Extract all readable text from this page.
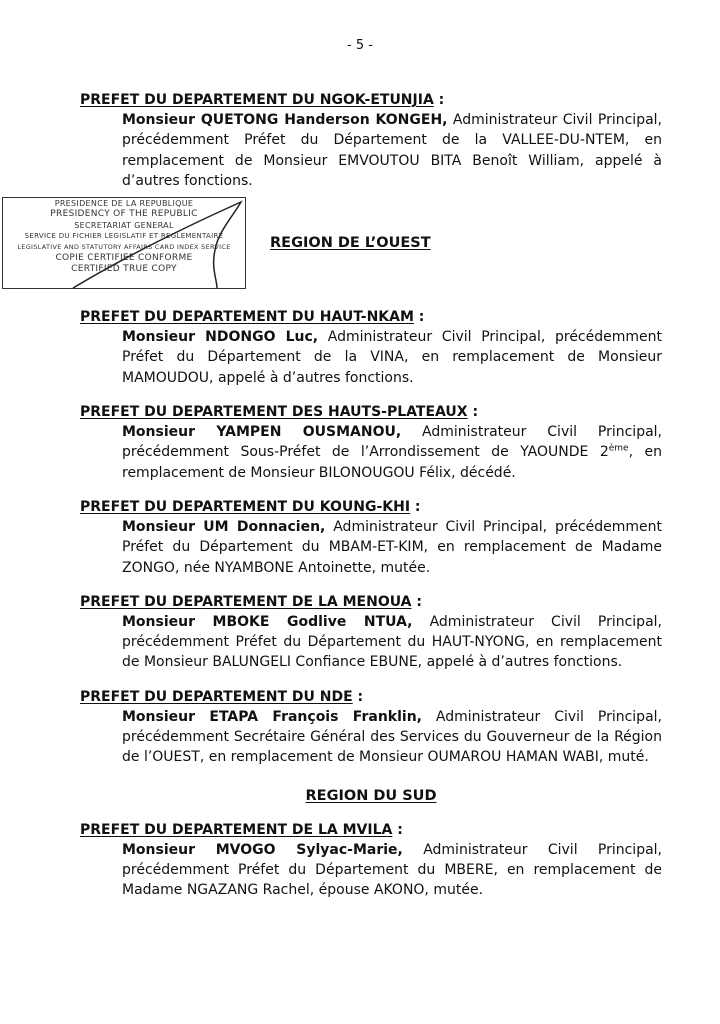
- 5 -
PREFET DU DEPARTEMENT DU NGOK-ETUNJIA :
Monsieur QUETONG Handerson KONGEH, Administrateur Civil Principal, précédemment Préfet du Département de la VALLEE-DU-NTEM, en remplacement de Monsieur EMVOUTOU BITA Benoît William, appelé à d’autres fonctions.
PRESIDENCE DE LA REPUBLIQUE
PRESIDENCY OF THE REPUBLIC
SECRETARIAT GENERAL
SERVICE DU FICHIER LEGISLATIF ET REGLEMENTAIRE
LEGISLATIVE AND STATUTORY AFFAIRS CARD INDEX SERVICE
COPIE CERTIFIEE CONFORME
CERTIFIED TRUE COPY
REGION DE L’OUEST
PREFET DU DEPARTEMENT DU HAUT-NKAM :
Monsieur NDONGO Luc, Administrateur Civil Principal, précédemment Préfet du Département de la VINA, en remplacement de Monsieur MAMOUDOU, appelé à d’autres fonctions.
PREFET DU DEPARTEMENT DES HAUTS-PLATEAUX :
Monsieur YAMPEN OUSMANOU, Administrateur Civil Principal, précédemment Sous-Préfet de l’Arrondissement de YAOUNDE 2ème, en remplacement de Monsieur BILONOUGOU Félix, décédé.
PREFET DU DEPARTEMENT DU KOUNG-KHI :
Monsieur UM Donnacien, Administrateur Civil Principal, précédemment Préfet du Département du MBAM-ET-KIM, en remplacement de Madame ZONGO, née NYAMBONE Antoinette, mutée.
PREFET DU DEPARTEMENT DE LA MENOUA :
Monsieur MBOKE Godlive NTUA, Administrateur Civil Principal, précédemment Préfet du Département du HAUT-NYONG, en remplacement de Monsieur BALUNGELI Confiance EBUNE, appelé à d’autres fonctions.
PREFET DU DEPARTEMENT DU NDE :
Monsieur ETAPA François Franklin, Administrateur Civil Principal, précédemment Secrétaire Général des Services du Gouverneur de la Région de l’OUEST, en remplacement de Monsieur OUMAROU HAMAN WABI, muté.
REGION DU SUD
PREFET DU DEPARTEMENT DE LA MVILA :
Monsieur MVOGO Sylyac-Marie, Administrateur Civil Principal, précédemment Préfet du Département du MBERE, en remplacement de Madame NGAZANG Rachel, épouse AKONO, mutée.
